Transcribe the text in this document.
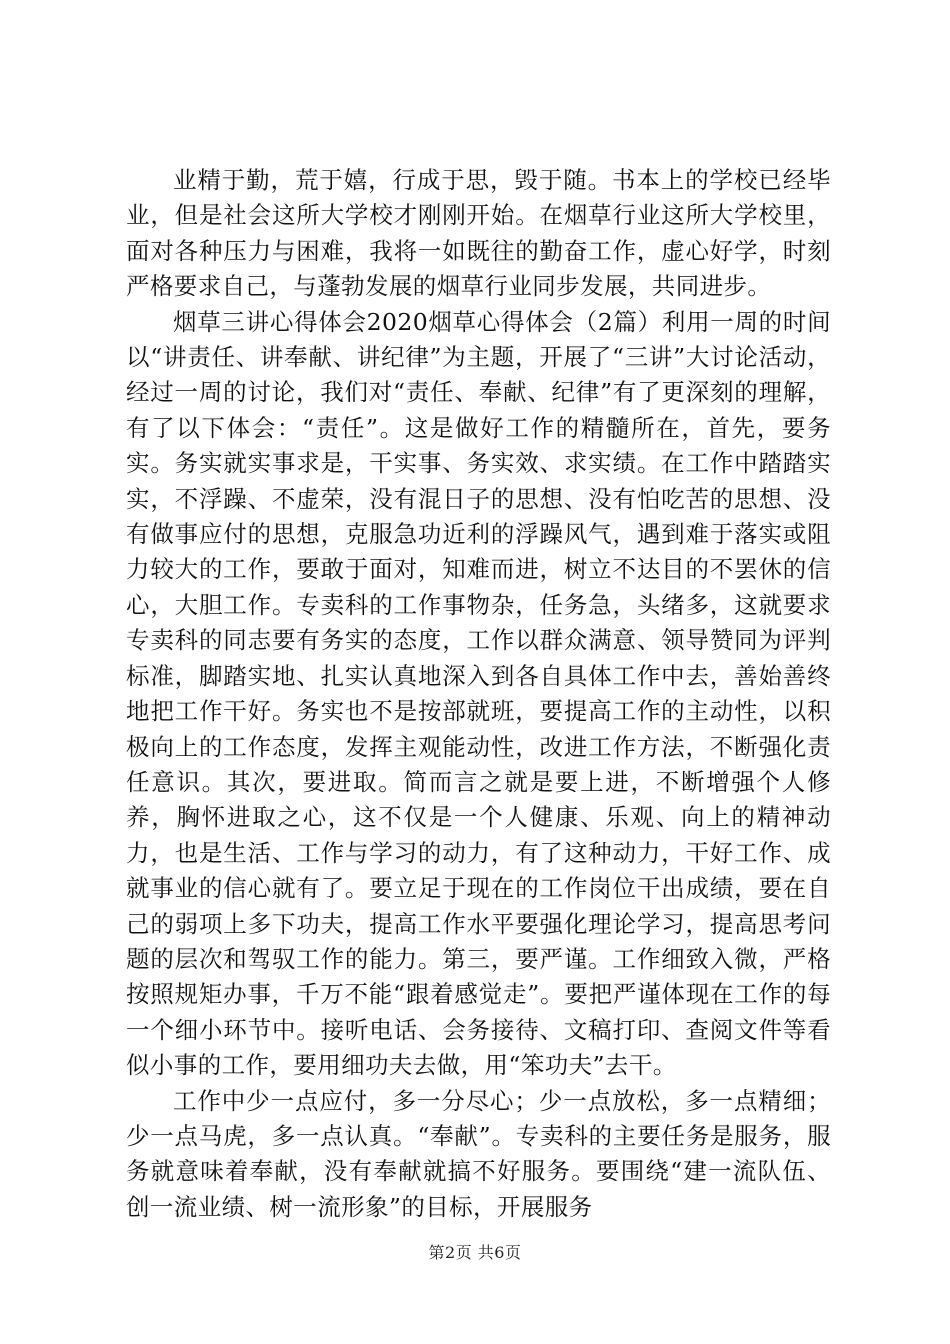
业精于勤，荒于嬉，行成于思，毁于随。书本上的学校已经毕业，但是社会这所大学校才刚刚开始。在烟草行业这所大学校里，面对各种压力与困难，我将一如既往的勤奋工作，虚心好学，时刻严格要求自己，与蓬勃发展的烟草行业同步发展，共同进步。

烟草三讲心得体会2020烟草心得体会（2篇）利用一周的时间以“讲责任、讲奉献、讲纪律”为主题，开展了“三讲”大讨论活动，经过一周的讨论，我们对“责任、奉献、纪律”有了更深刻的理解，有了以下体会：“责任”。这是做好工作的精髓所在，首先，要务实。务实就实事求是，干实事、务实效、求实绩。在工作中踏踏实实，不浮躁、不虚荣，没有混日子的思想、没有怕吃苦的思想、没有做事应付的思想，克服急功近利的浮躁风气，遇到难于落实或阻力较大的工作，要敢于面对，知难而进，树立不达目的不罢休的信心，大胆工作。专卖科的工作事物杂，任务急，头绪多，这就要求专卖科的同志要有务实的态度，工作以群众满意、领导赞同为评判标准，脚踏实地、扎实认真地深入到各自具体工作中去，善始善终地把工作干好。务实也不是按部就班，要提高工作的主动性，以积极向上的工作态度，发挥主观能动性，改进工作方法，不断强化责任意识。其次，要进取。简而言之就是要上进，不断增强个人修养，胸怀进取之心，这不仅是一个人健康、乐观、向上的精神动力，也是生活、工作与学习的动力，有了这种动力，干好工作、成就事业的信心就有了。要立足于现在的工作岗位干出成绩，要在自己的弱项上多下功夫，提高工作水平要强化理论学习，提高思考问题的层次和驾驭工作的能力。第三，要严谨。工作细致入微，严格按照规矩办事，千万不能“跟着感觉走”。要把严谨体现在工作的每一个细小环节中。接听电话、会务接待、文稿打印、查阅文件等看似小事的工作，要用细功夫去做，用“笨功夫”去干。

工作中少一点应付，多一分尽心；少一点放松，多一点精细；少一点马虎，多一点认真。“奉献”。专卖科的主要任务是服务，服务就意味着奉献，没有奉献就搞不好服务。要围绕“建一流队伍、创一流业绩、树一流形象”的目标，开展服务

第2页 共6页
